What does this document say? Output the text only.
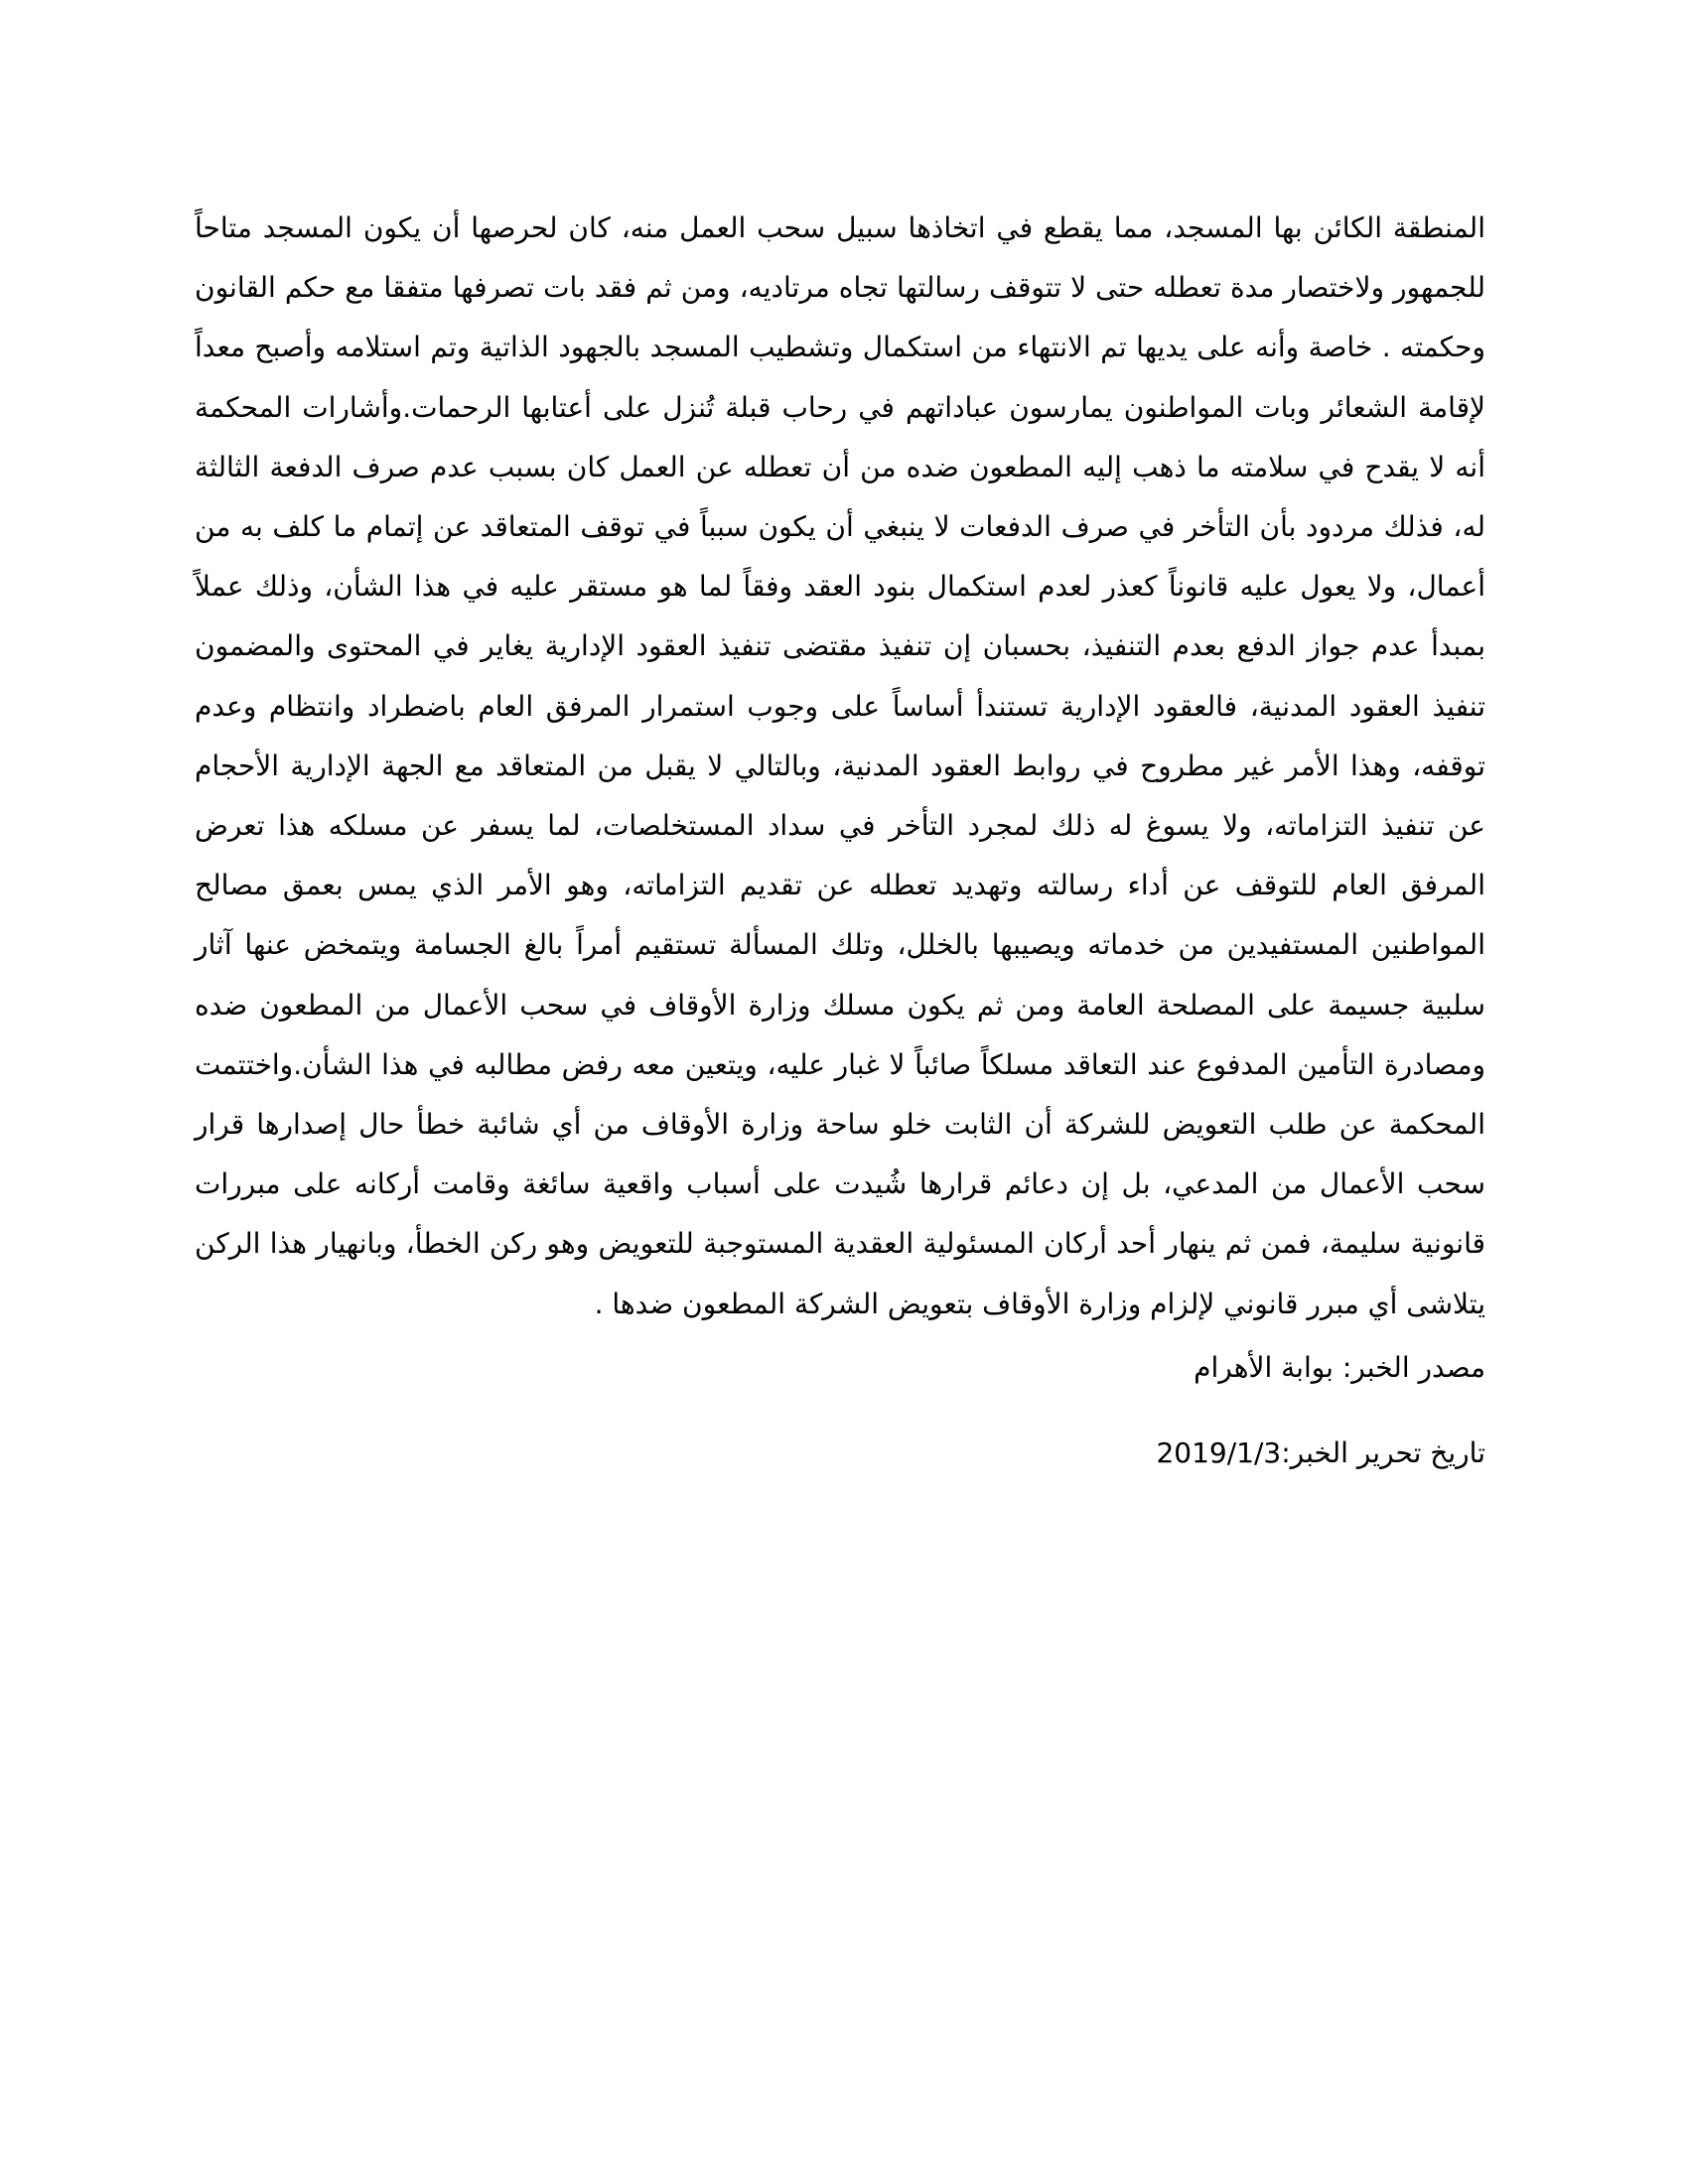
المنطقة الكائن بها المسجد، مما يقطع في اتخاذها سبيل سحب العمل منه، كان لحرصها أن يكون المسجد متاحاً للجمهور ولاختصار مدة تعطله حتى لا تتوقف رسالتها تجاه مرتاديه، ومن ثم فقد بات تصرفها متفقا مع حكم القانون وحكمته . خاصة وأنه على يديها تم الانتهاء من استكمال وتشطيب المسجد بالجهود الذاتية وتم استلامه وأصبح معداً لإقامة الشعائر وبات المواطنون يمارسون عباداتهم في رحاب قبلة تُنزل على أعتابها الرحمات.وأشارات المحكمة أنه لا يقدح في سلامته ما ذهب إليه المطعون ضده من أن تعطله عن العمل كان بسبب عدم صرف الدفعة الثالثة له، فذلك مردود بأن التأخر في صرف الدفعات لا ينبغي أن يكون سبباً في توقف المتعاقد عن إتمام ما كلف به من أعمال، ولا يعول عليه قانوناً كعذر لعدم استكمال بنود العقد وفقاً لما هو مستقر عليه في هذا الشأن، وذلك عملاً بمبدأ عدم جواز الدفع بعدم التنفيذ، بحسبان إن تنفيذ مقتضى تنفيذ العقود الإدارية يغاير في المحتوى والمضمون تنفيذ العقود المدنية، فالعقود الإدارية تستندأ أساساً على وجوب استمرار المرفق العام باضطراد وانتظام وعدم توقفه، وهذا الأمر غير مطروح في روابط العقود المدنية، وبالتالي لا يقبل من المتعاقد مع الجهة الإدارية الأحجام عن تنفيذ التزاماته، ولا يسوغ له ذلك لمجرد التأخر في سداد المستخلصات، لما يسفر عن مسلكه هذا تعرض المرفق العام للتوقف عن أداء رسالته وتهديد تعطله عن تقديم التزاماته، وهو الأمر الذي يمس بعمق مصالح المواطنين المستفيدين من خدماته ويصيبها بالخلل، وتلك المسألة تستقيم أمراً بالغ الجسامة ويتمخض عنها آثار سلبية جسيمة على المصلحة العامة ومن ثم يكون مسلك وزارة الأوقاف في سحب الأعمال من المطعون ضده ومصادرة التأمين المدفوع عند التعاقد مسلكاً صائباً لا غبار عليه، ويتعين معه رفض مطالبه في هذا الشأن.واختتمت المحكمة عن طلب التعويض للشركة أن الثابت خلو ساحة وزارة الأوقاف من أي شائبة خطأ حال إصدارها قرار سحب الأعمال من المدعي، بل إن دعائم قرارها شُيدت على أسباب واقعية سائغة وقامت أركانه على مبررات قانونية سليمة، فمن ثم ينهار أحد أركان المسئولية العقدية المستوجبة للتعويض وهو ركن الخطأ، وبانهيار هذا الركن يتلاشى أي مبرر قانوني لإلزام وزارة الأوقاف بتعويض الشركة المطعون ضدها .

مصدر الخبر: بوابة الأهرام

تاريخ تحرير الخبر:2019/1/3
